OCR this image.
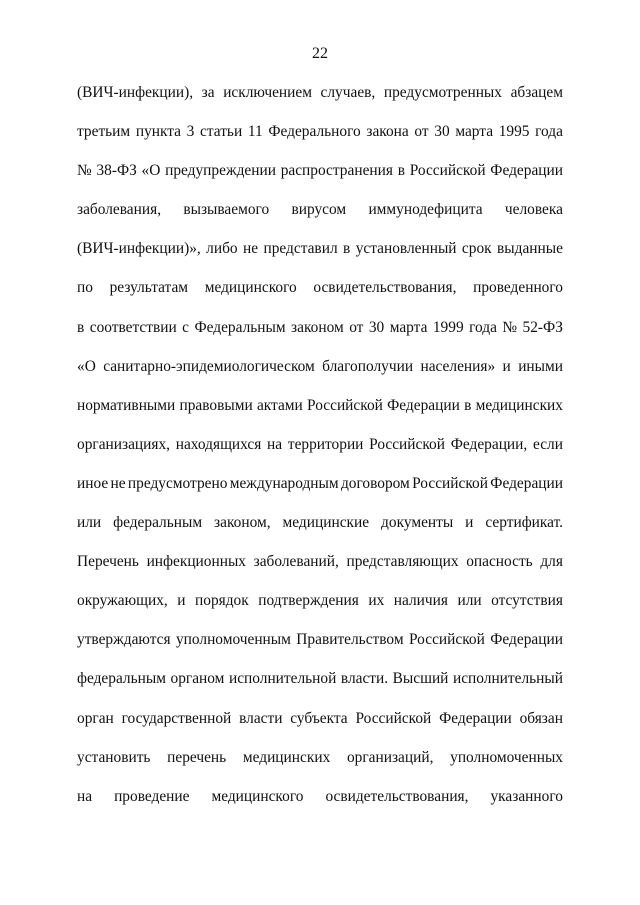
22
(ВИЧ-инфекции), за исключением случаев, предусмотренных абзацем
третьим пункта 3 статьи 11 Федерального закона от 30 марта 1995 года
№ 38-ФЗ «О предупреждении распространения в Российской Федерации
заболевания, вызываемого вирусом иммунодефицита человека
(ВИЧ-инфекции)», либо не представил в установленный срок выданные
по результатам медицинского освидетельствования, проведенного
в соответствии с Федеральным законом от 30 марта 1999 года № 52-ФЗ
«О санитарно-эпидемиологическом благополучии населения» и иными
нормативными правовыми актами Российской Федерации в медицинских
организациях, находящихся на территории Российской Федерации, если
иное не предусмотрено международным договором Российской Федерации
или федеральным законом, медицинские документы и сертификат.
Перечень инфекционных заболеваний, представляющих опасность для
окружающих, и порядок подтверждения их наличия или отсутствия
утверждаются уполномоченным Правительством Российской Федерации
федеральным органом исполнительной власти. Высший исполнительный
орган государственной власти субъекта Российской Федерации обязан
установить перечень медицинских организаций, уполномоченных
на проведение медицинского освидетельствования, указанного
